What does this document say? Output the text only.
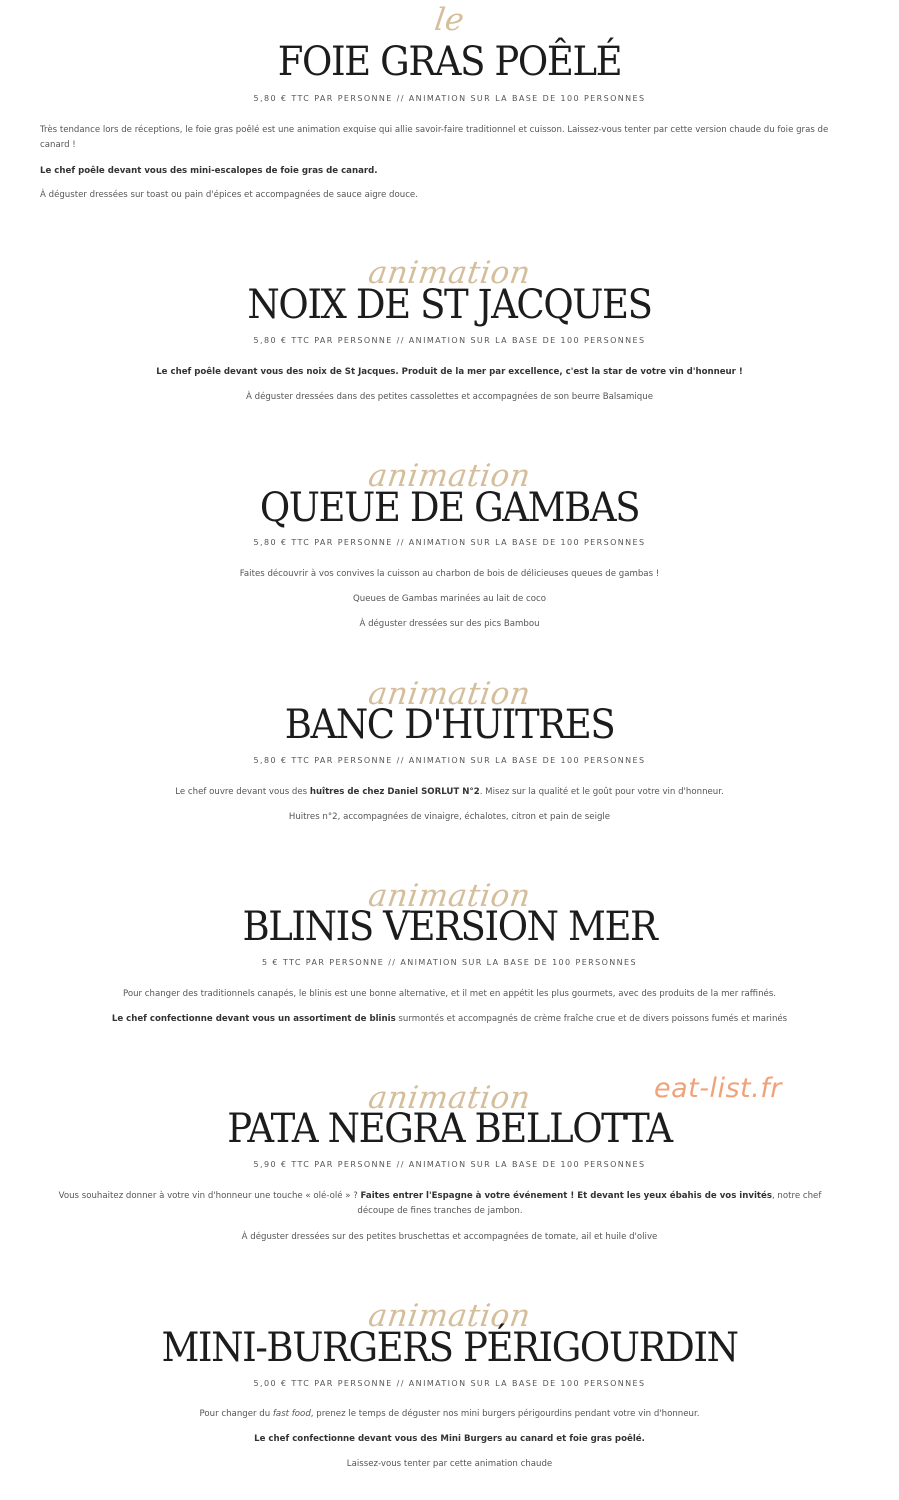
le
FOIE GRAS POÊLÉ
5,80 € TTC PAR PERSONNE // ANIMATION SUR LA BASE DE 100 PERSONNES
Très tendance lors de réceptions, le foie gras poêlé est une animation exquise qui allie savoir-faire traditionnel et cuisson. Laissez-vous tenter par cette version chaude du foie gras de canard !
Le chef poêle devant vous des mini-escalopes de foie gras de canard.
À déguster dressées sur toast ou pain d'épices et accompagnées de sauce aigre douce.
animation
NOIX DE ST JACQUES
5,80 € TTC PAR PERSONNE // ANIMATION SUR LA BASE DE 100 PERSONNES
Le chef poêle devant vous des noix de St Jacques. Produit de la mer par excellence, c'est la star de votre vin d'honneur !
À déguster dressées dans des petites cassolettes et accompagnées de son beurre Balsamique
animation
QUEUE DE GAMBAS
5,80 € TTC PAR PERSONNE // ANIMATION SUR LA BASE DE 100 PERSONNES
Faites découvrir à vos convives la cuisson au charbon de bois de délicieuses queues de gambas !
Queues de Gambas marinées au lait de coco
À déguster dressées sur des pics Bambou
animation
BANC D'HUITRES
5,80 € TTC PAR PERSONNE // ANIMATION SUR LA BASE DE 100 PERSONNES
Le chef ouvre devant vous des huîtres de chez Daniel SORLUT N°2. Misez sur la qualité et le goût pour votre vin d'honneur.
Huitres n°2, accompagnées de vinaigre, échalotes, citron et pain de seigle
animation
BLINIS VERSION MER
5 € TTC PAR PERSONNE // ANIMATION SUR LA BASE DE 100 PERSONNES
Pour changer des traditionnels canapés, le blinis est une bonne alternative, et il met en appétit les plus gourmets, avec des produits de la mer raffinés.
Le chef confectionne devant vous un assortiment de blinis surmontés et accompagnés de crème fraîche crue et de divers poissons fumés et marinés
animation
PATA NEGRA BELLOTTA
5,90 € TTC PAR PERSONNE // ANIMATION SUR LA BASE DE 100 PERSONNES
Vous souhaitez donner à votre vin d'honneur une touche « olé-olé » ? Faites entrer l'Espagne à votre événement ! Et devant les yeux ébahis de vos invités, notre chef découpe de fines tranches de jambon.
À déguster dressées sur des petites bruschettas et accompagnées de tomate, ail et huile d'olive
animation
MINI-BURGERS PÉRIGOURDIN
5,00 € TTC PAR PERSONNE // ANIMATION SUR LA BASE DE 100 PERSONNES
Pour changer du fast food, prenez le temps de déguster nos mini burgers périgourdins pendant votre vin d'honneur.
Le chef confectionne devant vous des Mini Burgers au canard et foie gras poêlé.
Laissez-vous tenter par cette animation chaude
eat-list.fr
